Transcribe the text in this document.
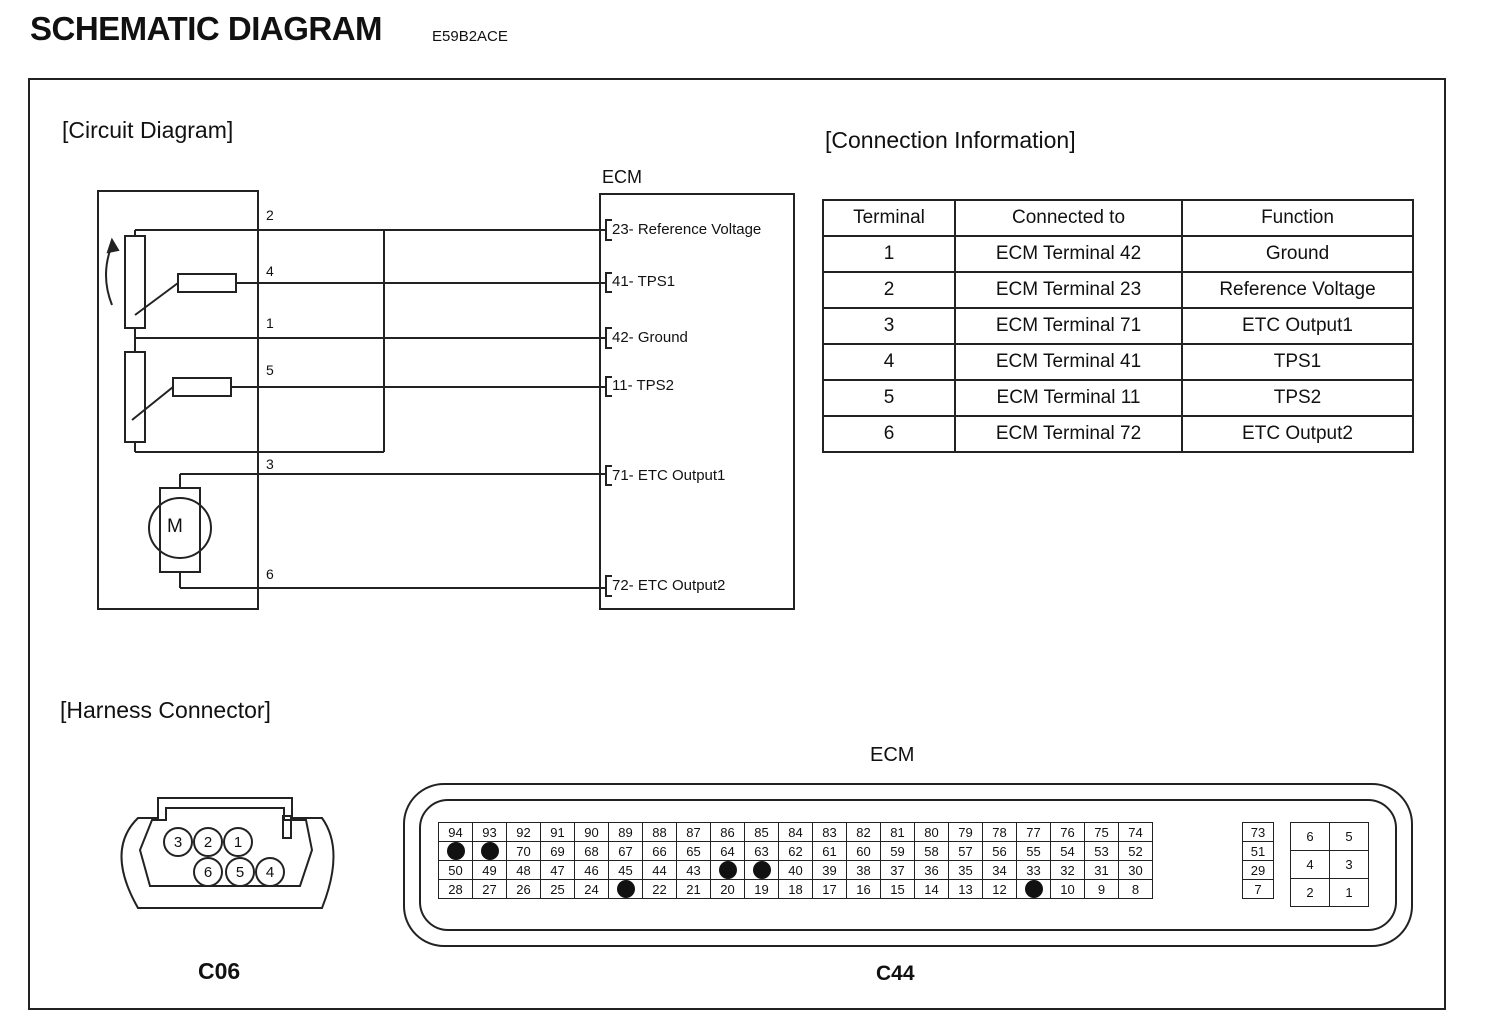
SCHEMATIC DIAGRAM	E59B2ACE
[Circuit Diagram]	[Connection Information]
[Harness Connector]
M
ECM
23- Reference Voltage
41- TPS1
42- Ground
11- TPS2
71- ETC Output1
72- ETC Output2
2
4
1
5
3
6
Terminal	Connected to	Function
1	ECM Terminal 42	Ground
2	ECM Terminal 23	Reference Voltage
3	ECM Terminal 71	ETC Output1
4	ECM Terminal 41	TPS1
5	ECM Terminal 11	TPS2
6	ECM Terminal 72	ETC Output2
3 2 1
6 5 4
C06
ECM
94	93	92	91	90	89	88	87	86	85	84	83	82	81	80	79	78	77	76	75	74
		70	69	68	67	66	65	64	63	62	61	60	59	58	57	56	55	54	53	52
50	49	48	47	46	45	44	43			40	39	38	37	36	35	34	33	32	31	30
28	27	26	25	24		22	21	20	19	18	17	16	15	14	13	12		10	9	8
73
51
29
7
6	5
4	3
2	1
C44
